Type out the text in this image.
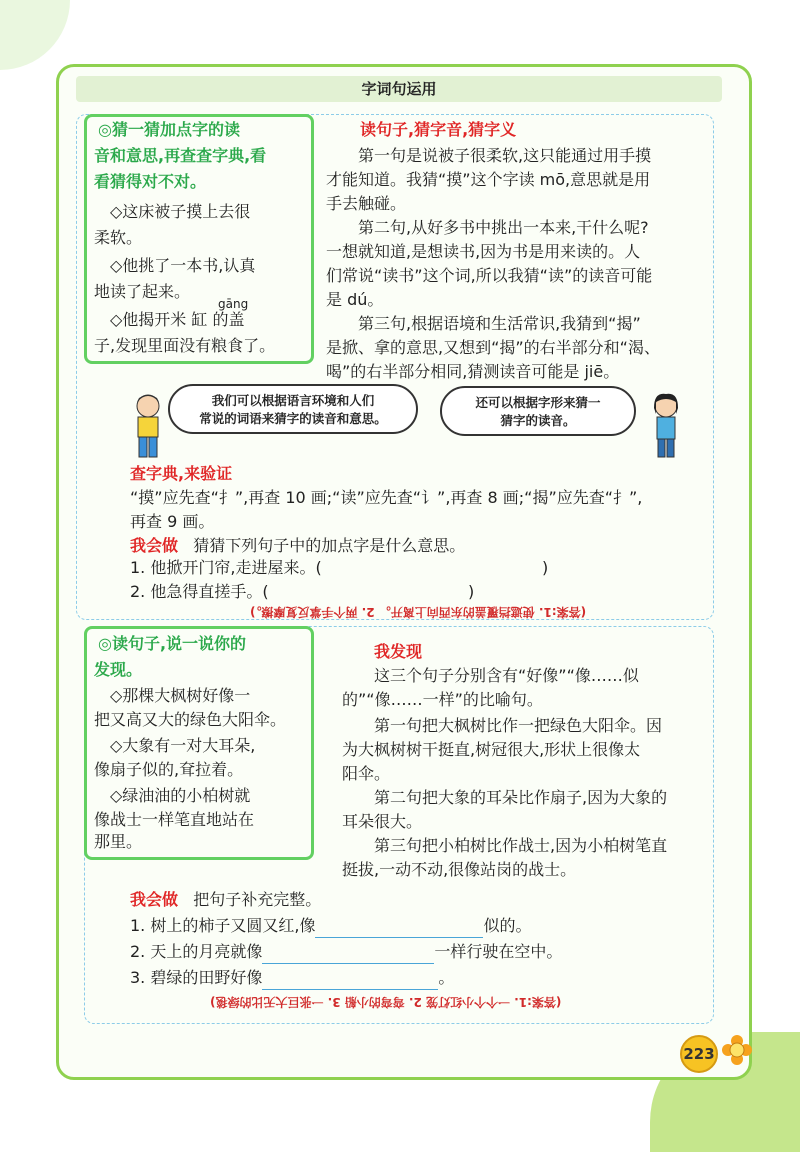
字词句运用
◎猜一猜加点字的读
音和意思,再查查字典,看
看猜得对不对。
◇这床被子摸上去很
柔软。
◇他挑了一本书,认真
地读了起来。
gāng
◇他揭开米 缸 的盖
子,发现里面没有粮食了。
读句子,猜字音,猜字义
第一句是说被子很柔软,这只能通过用手摸
才能知道。我猜“摸”这个字读 mō,意思就是用
手去触碰。
第二句,从好多书中挑出一本来,干什么呢?
一想就知道,是想读书,因为书是用来读的。人
们常说“读书”这个词,所以我猜“读”的读音可能
是 dú。
第三句,根据语境和生活常识,我猜到“揭”
是掀、拿的意思,又想到“揭”的右半部分和“渴、
喝”的右半部分相同,猜测读音可能是 jiē。
我们可以根据语言环境和人们
常说的词语来猜字的读音和意思。
还可以根据字形来猜一
猜字的读音。
查字典,来验证
“摸”应先查“扌”,再查 10 画;“读”应先查“讠”,再查 8 画;“揭”应先查“扌”,
再查 9 画。
我会做 猜猜下列句子中的加点字是什么意思。
1. 他掀开门帘,走进屋来。(	)
2. 他急得直搓手。(	)
(答案:1. 使遮挡覆盖的东西向上离开。 2. 两个手掌反复摩擦。)
◎读句子,说一说你的
发现。
◇那棵大枫树好像一
把又高又大的绿色大阳伞。
◇大象有一对大耳朵,
像扇子似的,耷拉着。
◇绿油油的小柏树就
像战士一样笔直地站在
那里。
我发现
这三个句子分别含有“好像”“像……似
的”“像……一样”的比喻句。
第一句把大枫树比作一把绿色大阳伞。因
为大枫树树干挺直,树冠很大,形状上很像太
阳伞。
第二句把大象的耳朵比作扇子,因为大象的
耳朵很大。
第三句把小柏树比作战士,因为小柏树笔直
挺拔,一动不动,很像站岗的战士。
我会做 把句子补充完整。
1. 树上的柿子又圆又红,像	似的。
2. 天上的月亮就像	一样行驶在空中。
3. 碧绿的田野好像	。
(答案:1. 一个个小红灯笼 2. 弯弯的小船 3. 一张巨大无比的绿毯)
223
